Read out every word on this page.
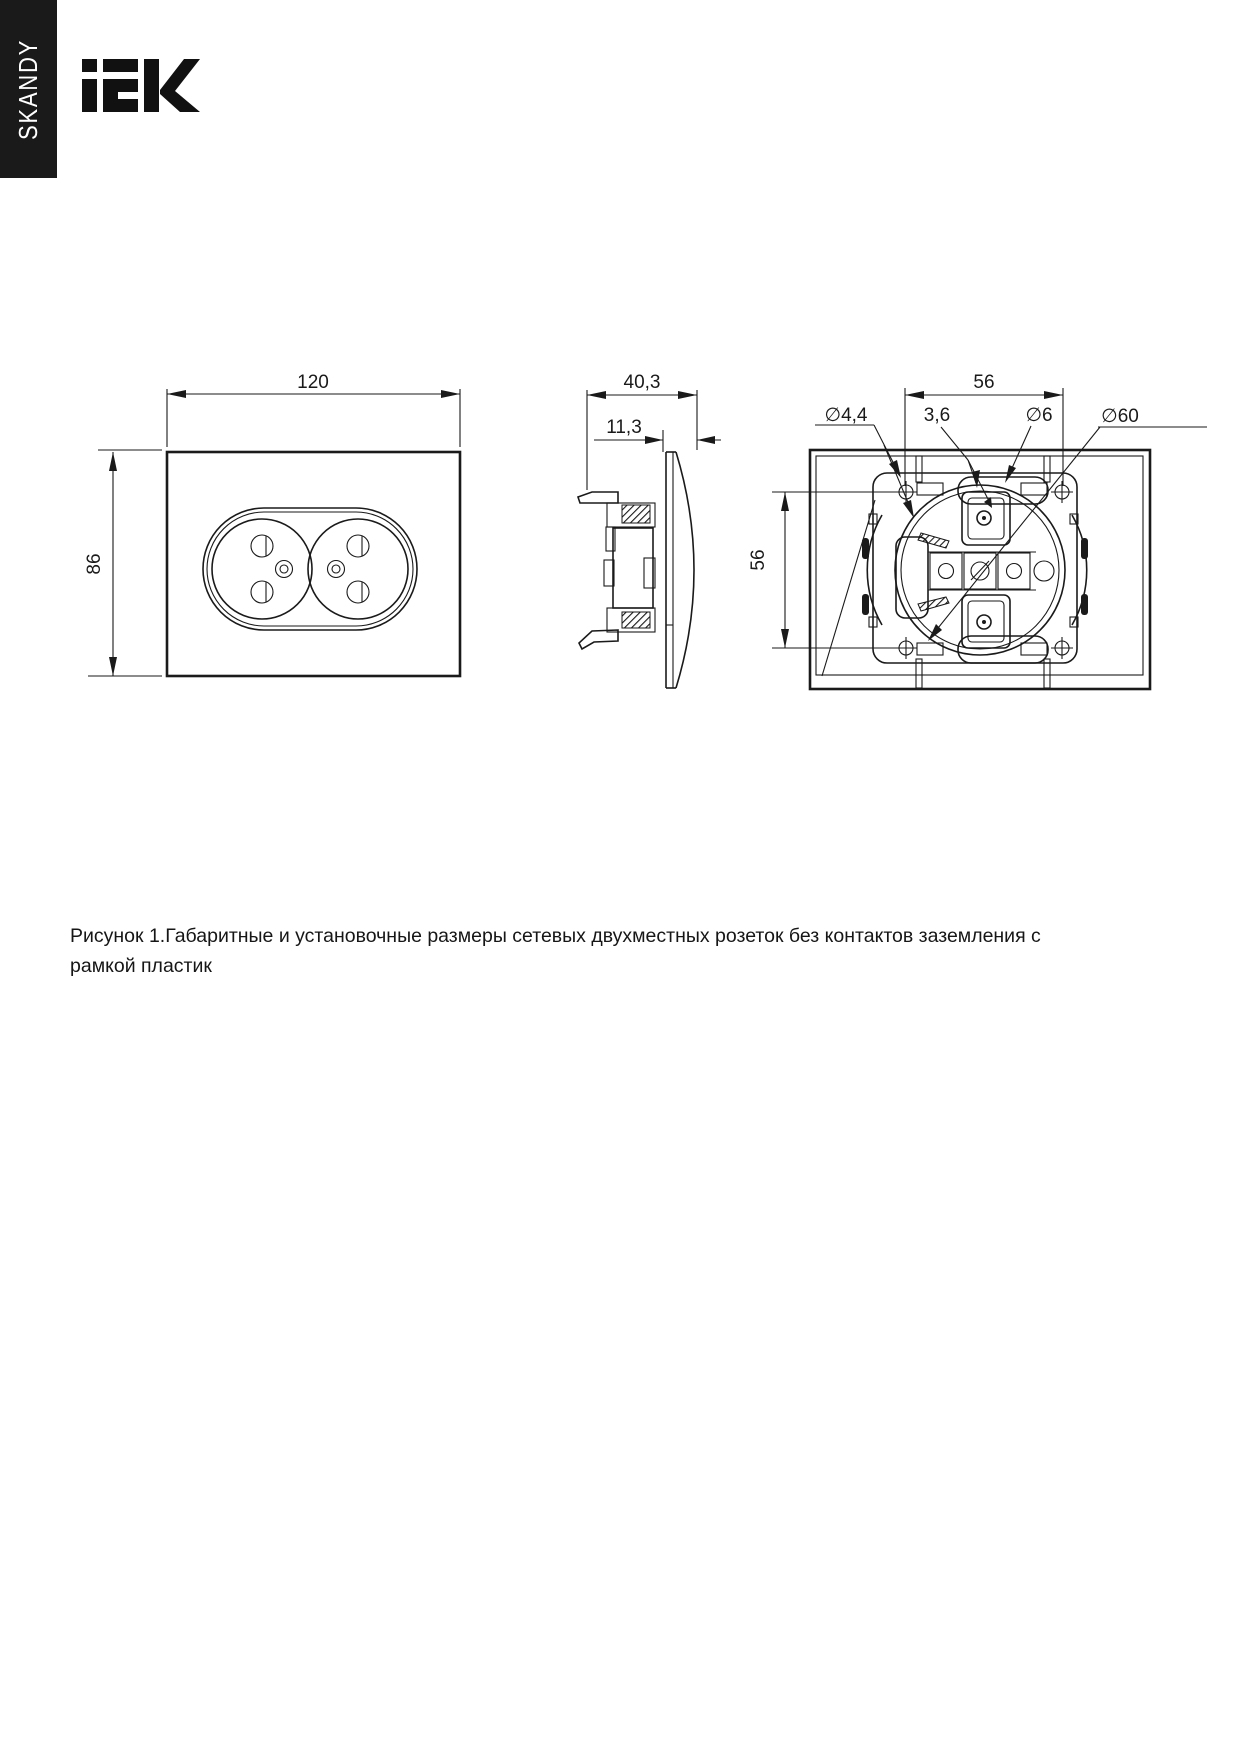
SKANDY
120
86
40,3
11,3
56
56
∅4,4	3,6	∅6	∅60
Рисунок 1.Габаритные и установочные размеры сетевых двухместных розеток без контактов заземления с
рамкой пластик
